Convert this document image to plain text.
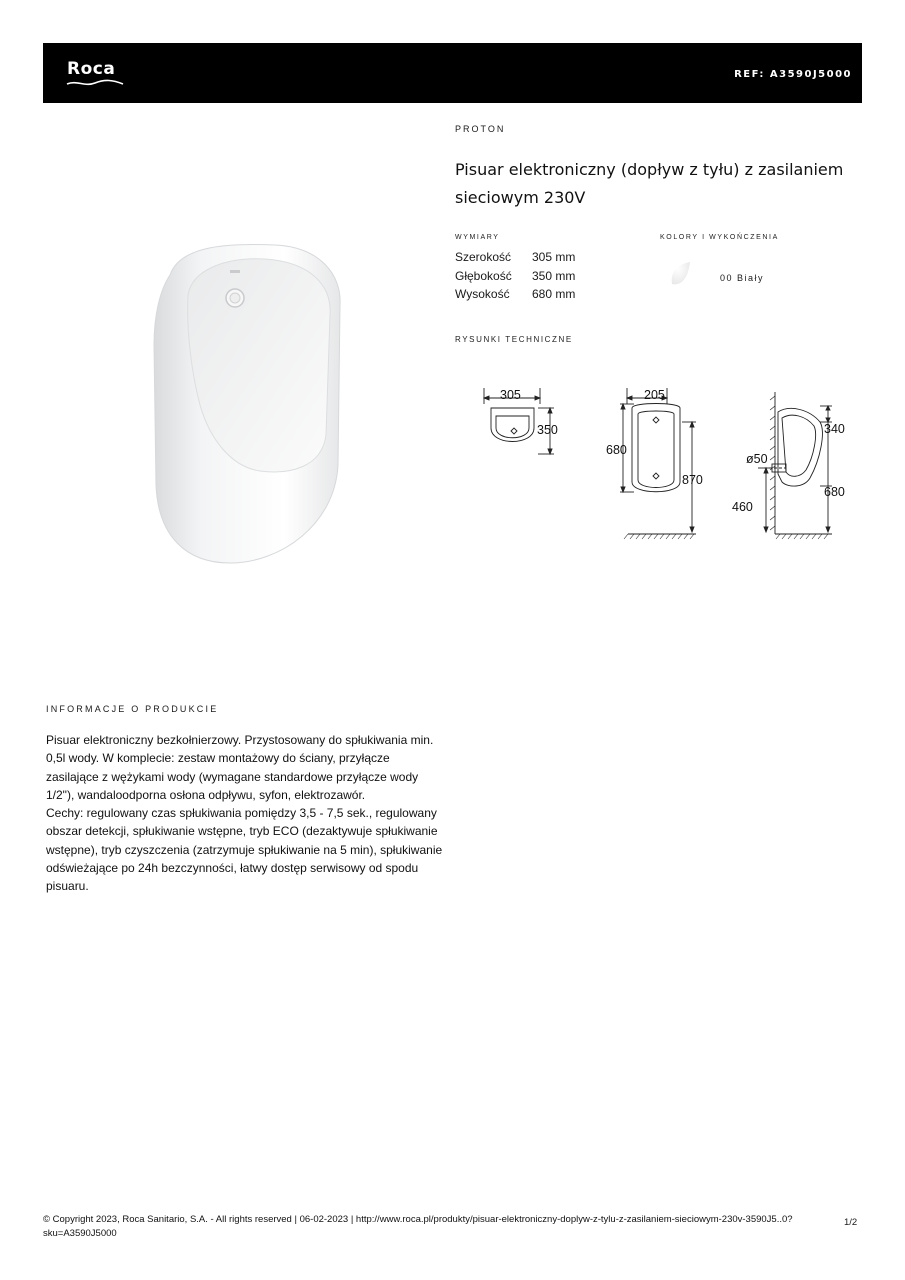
Roca	REF: A3590J5000
PROTON
Pisuar elektroniczny (dopływ z tyłu) z zasilaniem sieciowym 230V
WYMIARY
Szerokość	305 mm
Głębokość	350 mm
Wysokość	680 mm
KOLORY I WYKOŃCZENIA
00 Biały
RYSUNKI TECHNICZNE
305
350
205
680
870
340
ø50
680
460
INFORMACJE O PRODUKCIE
Pisuar elektroniczny bezkołnierzowy. Przystosowany do spłukiwania min.
0,5l wody. W komplecie: zestaw montażowy do ściany, przyłącze
zasilające z wężykami wody (wymagane standardowe przyłącze wody
1/2"), wandaloodporna osłona odpływu, syfon, elektrozawór.
Cechy: regulowany czas spłukiwania pomiędzy 3,5 - 7,5 sek., regulowany
obszar detekcji, spłukiwanie wstępne, tryb ECO (dezaktywuje spłukiwanie
wstępne), tryb czyszczenia (zatrzymuje spłukiwanie na 5 min), spłukiwanie
odświeżające po 24h bezczynności, łatwy dostęp serwisowy od spodu
pisuaru.
© Copyright 2023, Roca Sanitario, S.A. - All rights reserved | 06-02-2023 | http://www.roca.pl/produkty/pisuar-elektroniczny-doplyw-z-tylu-z-zasilaniem-sieciowym-230v-3590J5..0?sku=A3590J5000
1/2
